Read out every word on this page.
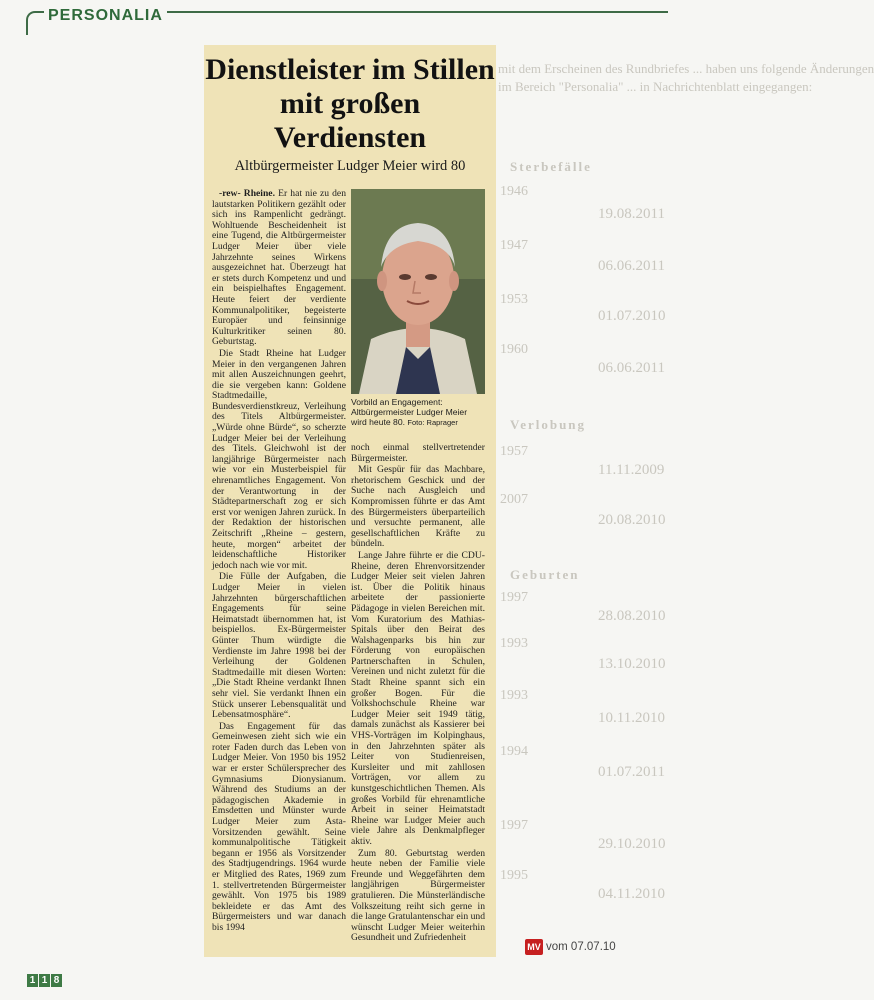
PERSONALIA
mit dem Erscheinen des Rundbriefes ... haben uns folgende Änderungen
im Bereich "Personalia" ... in Nachrichtenblatt eingegangen:
Sterbefälle
Verlobung
Geburten
1946
19.08.2011
1947
06.06.2011
1953
01.07.2010
1960
06.06.2011
1957
11.11.2009
2007
20.08.2010
1997
28.08.2010
1993
13.10.2010
1993
10.11.2010
1994
01.07.2011
1997
29.10.2010
1995
04.11.2010
Dienstleister im Stillen mit großen Verdiensten
Altbürgermeister Ludger Meier wird 80

-rew- Rheine. Er hat nie zu den lautstarken Politikern gezählt oder sich ins Rampenlicht gedrängt. Wohltuende Bescheidenheit ist eine Tugend, die Altbürgermeister Ludger Meier über viele Jahrzehnte seines Wirkens ausgezeichnet hat. Überzeugt hat er stets durch Kompetenz und und ein beispielhaftes Engagement. Heute feiert der verdiente Kommunalpolitiker, begeisterte Europäer und feinsinnige Kulturkritiker seinen 80. Geburtstag.

Die Stadt Rheine hat Ludger Meier in den vergangenen Jahren mit allen Auszeichnungen geehrt, die sie vergeben kann: Goldene Stadtmedaille, Bundesverdienstkreuz, Verleihung des Titels Altbürgermeister. „Würde ohne Bürde“, so scherzte Ludger Meier bei der Verleihung des Titels. Gleichwohl ist der langjährige Bürgermeister nach wie vor ein Musterbeispiel für ehrenamtliches Engagement. Von der Verantwortung in der Städtepartnerschaft zog er sich erst vor wenigen Jahren zurück. In der Redaktion der historischen Zeitschrift „Rheine – gestern, heute, morgen“ arbeitet der leidenschaftliche Historiker jedoch nach wie vor mit.

Die Fülle der Aufgaben, die Ludger Meier in vielen Jahrzehnten bürgerschaftlichen Engagements für seine Heimatstadt übernommen hat, ist beispiellos. Ex-Bürgermeister Günter Thum würdigte die Verdienste im Jahre 1998 bei der Verleihung der Goldenen Stadtmedaille mit diesen Worten: „Die Stadt Rheine verdankt Ihnen sehr viel. Sie verdankt Ihnen ein Stück unserer Lebensqualität und Lebensatmosphäre“.

Das Engagement für das Gemeinwesen zieht sich wie ein roter Faden durch das Leben von Ludger Meier. Von 1950 bis 1952 war er erster Schülersprecher des Gymnasiums Dionysianum. Während des Studiums an der pädagogischen Akademie in Emsdetten und Münster wurde Ludger Meier zum Asta-Vorsitzenden gewählt. Seine kommunalpolitische Tätigkeit begann er 1956 als Vorsitzender des Stadtjugendrings. 1964 wurde er Mitglied des Rates, 1969 zum 1. stellvertretenden Bürgermeister gewählt. Von 1975 bis 1989 bekleidete er das Amt des Bürgermeisters und war danach bis 1994

Vorbild an Engagement: Altbürgermeister Ludger Meier wird heute 80. Foto: Raprager

noch einmal stellvertretender Bürgermeister.

Mit Gespür für das Machbare, rhetorischem Geschick und der Suche nach Ausgleich und Kompromissen führte er das Amt des Bürgermeisters überparteilich und versuchte permanent, alle gesellschaftlichen Kräfte zu bündeln.

Lange Jahre führte er die CDU-Rheine, deren Ehrenvorsitzender Ludger Meier seit vielen Jahren ist. Über die Politik hinaus arbeitete der passionierte Pädagoge in vielen Bereichen mit. Vom Kuratorium des Mathias-Spitals über den Beirat des Walshagenparks bis hin zur Förderung von europäischen Partnerschaften in Schulen, Vereinen und nicht zuletzt für die Stadt Rheine spannt sich ein großer Bogen. Für die Volkshochschule Rheine war Ludger Meier seit 1949 tätig, damals zunächst als Kassierer bei VHS-Vorträgen im Kolpinghaus, in den Jahrzehnten später als Leiter von Studienreisen, Kursleiter und mit zahllosen Vorträgen, vor allem zu kunstgeschichtlichen Themen. Als großes Vorbild für ehrenamtliche Arbeit in seiner Heimatstadt Rheine war Ludger Meier auch viele Jahre als Denkmalpfleger aktiv.

Zum 80. Geburtstag werden heute neben der Familie viele Freunde und Weggefährten dem langjährigen Bürgermeister gratulieren. Die Münsterländische Volkszeitung reiht sich gerne in die lange Gratulantenschar ein und wünscht Ludger Meier weiterhin Gesundheit und Zufriedenheit

MV vom 07.07.10
1 1 8
